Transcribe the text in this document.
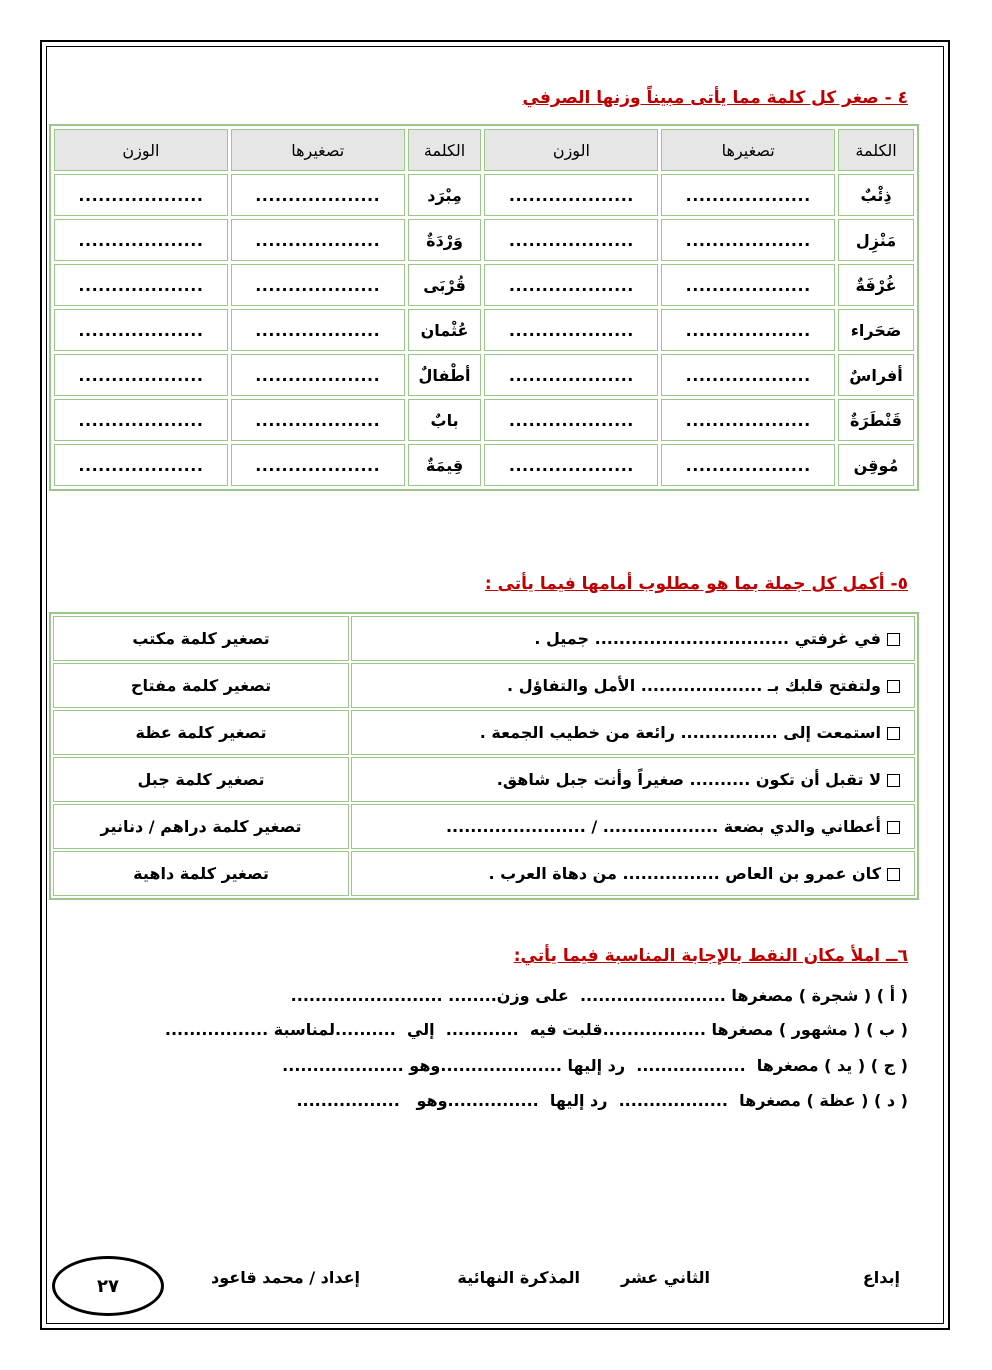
٤ - صغر كل كلمة مما يأتى مبيناً وزنها الصرفي
الكلمة	تصغيرها	الوزن	الكلمة	تصغيرها	الوزن
ذِئْبٌ	...................	...................	مِبْرَد	...................	...................
مَنْزِل	...................	...................	وَرْدَةٌ	...................	...................
غُرْفَةٌ	...................	...................	قُرْبَى	...................	...................
صَحَراء	...................	...................	عُثْمان	...................	...................
أفراسٌ	...................	...................	أطْفالٌ	...................	...................
قَنْطَرَةٌ	...................	...................	بابٌ	...................	...................
مُوقِن	...................	...................	قِيمَةٌ	...................	...................
٥- أكمل كل جملة بما هو مطلوب أمامها فيما يأتى :
في غرفتي ................................ جميل .	تصغير كلمة مكتب
ولتفتح قلبك بـ .................... الأمل والتفاؤل .	تصغير كلمة مفتاح
استمعت إلى ................ رائعة من خطيب الجمعة .	تصغير كلمة عظة
لا تقبل أن تكون .......... صغيراً وأنت جبل شاهق.	تصغير كلمة جبل
أعطاني والدي بضعة ................... / .......................	تصغير كلمة دراهم / دنانير
كان عمرو بن العاص ................ من دهاة العرب .	تصغير كلمة داهية
٦ــ املأ مكان النقط بالإجابة المناسبة فيما يأتي:
( أ ) ( شجرة ) مصغرها ........................  على وزن........ .........................
( ب ) ( مشهور ) مصغرها .................قلبت فيه  ............  إلي  ..........لمناسبة .................
( ج ) ( يد ) مصغرها  ..................  رد إليها ....................وهو ....................
( د ) ( عظة ) مصغرها  ..................  رد إليها  ...............وهو   .................
إبداع
الثاني عشر
المذكرة النهائية
إعداد / محمد قاعود
٢٧
